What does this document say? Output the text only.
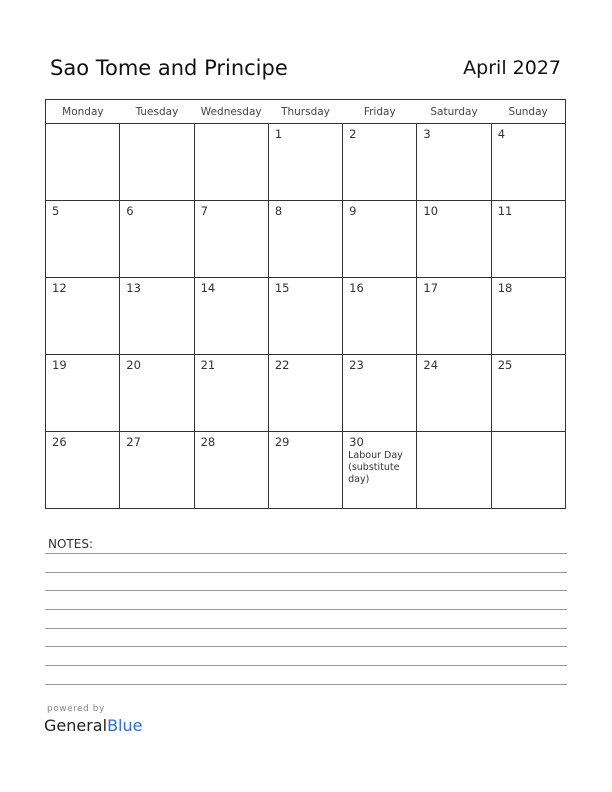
Sao Tome and Principe	April 2027
Monday	Tuesday	Wednesday	Thursday	Friday	Saturday	Sunday

			1	2	3	4

5	6	7	8	9	10	11

12	13	14	15	16	17	18

19	20	21	22	23	24	25

26	27	28	29	30
Labour Day (substitute day)		

NOTES:
powered by
GeneralBlue
